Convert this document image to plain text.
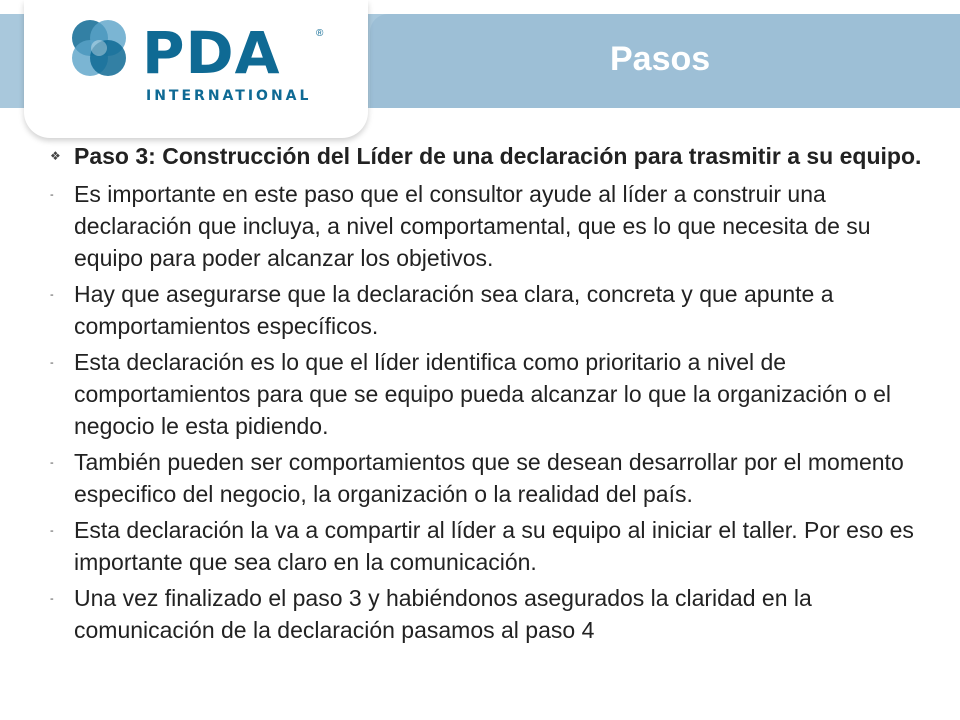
PDA	®
INTERNATIONAL
Pasos
❖ Paso 3: Construcción del Líder de una declaración para trasmitir a su equipo.
- Es importante en este paso que el consultor ayude al líder a construir una declaración que incluya, a nivel comportamental, que es lo que necesita de su equipo para poder alcanzar los objetivos.
- Hay que asegurarse que la declaración sea clara, concreta y que apunte a comportamientos específicos.
- Esta declaración es lo que el líder identifica como prioritario a nivel de comportamientos para que se equipo pueda alcanzar lo que la organización o el negocio le esta pidiendo.
- También pueden ser comportamientos que se desean desarrollar por el momento especifico del negocio, la organización o la realidad del país.
- Esta declaración la va a compartir al líder a su equipo al iniciar el taller. Por eso es importante que sea claro en la comunicación.
- Una vez finalizado el paso 3 y habiéndonos asegurados la claridad en la comunicación de la declaración pasamos al paso 4
